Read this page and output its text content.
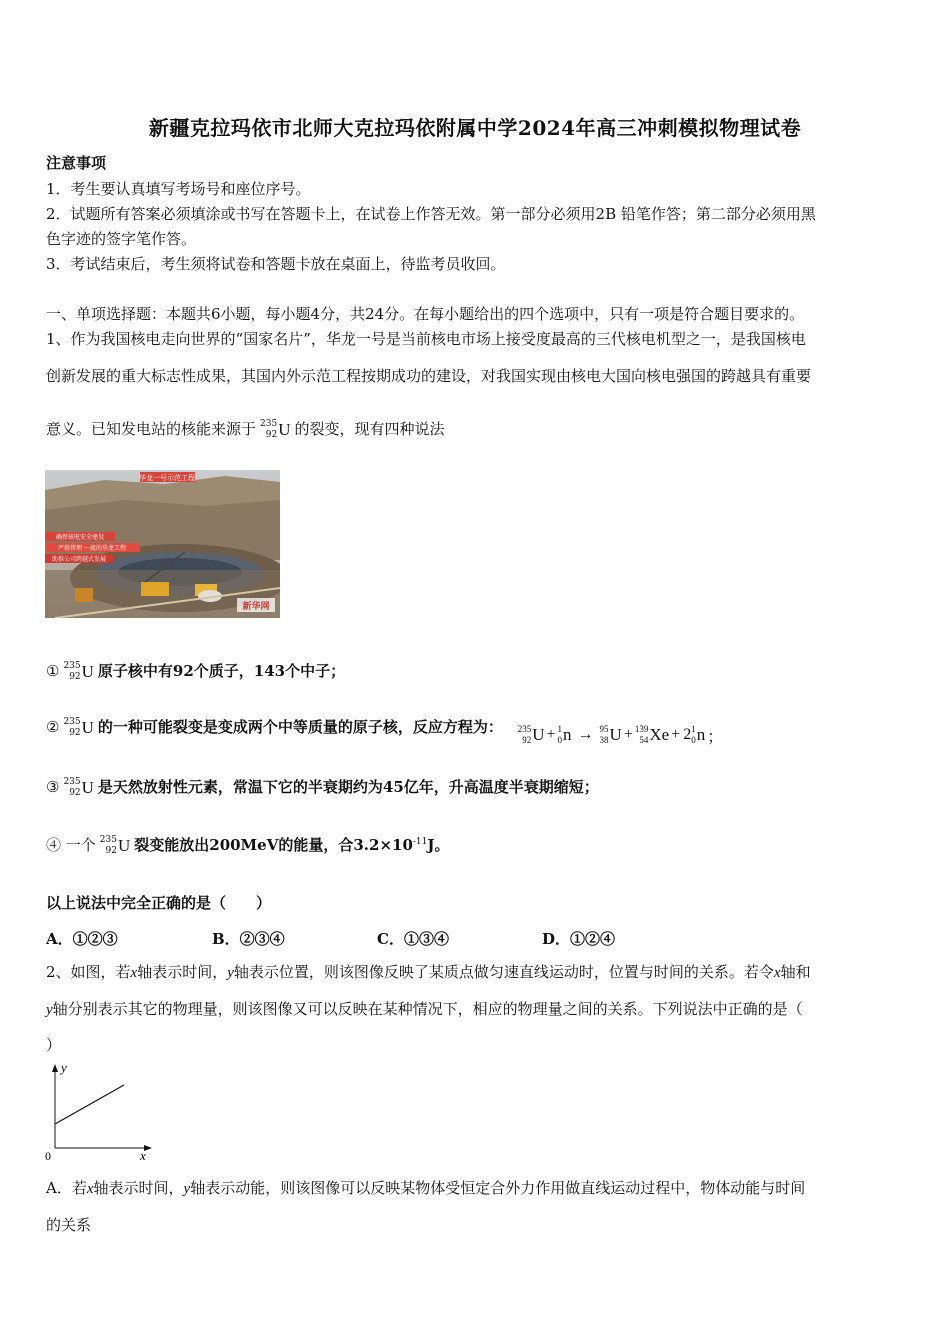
新疆克拉玛依市北师大克拉玛依附属中学2024年高三冲刺模拟物理试卷
注意事项
1．考生要认真填写考场号和座位序号。
2．试题所有答案必须填涂或书写在答题卡上，在试卷上作答无效。第一部分必须用2B 铅笔作答；第二部分必须用黑
色字迹的签字笔作答。
3．考试结束后，考生须将试卷和答题卡放在桌面上，待监考员收回。
一、单项选择题：本题共6小题，每小题4分，共24分。在每小题给出的四个选项中，只有一项是符合题目要求的。
1、作为我国核电走向世界的“国家名片”，华龙一号是当前核电市场上接受度最高的三代核电机型之一，是我国核电
创新发展的重大标志性成果，其国内外示范工程按期成功的建设，对我国实现由核电大国向核电强国的跨越具有重要
意义。已知发电站的核能来源于 235
92 U 的裂变，现有四种说法
华龙一号示范工程
确保核电安全建设
严格管理 一流的华龙工程
助推公司跨越式发展
新华网
① 235
92 U 原子核中有92个质子，143个中子；
② 235
92 U 的一种可能裂变是变成两个中等质量的原子核，反应方程为： 235
92 U + 1
0 n → 95
38 U + 139
54 Xe + 2 1
0 n ；
③ 235
92 U 是天然放射性元素，常温下它的半衰期约为45亿年，升高温度半衰期缩短；
④ 一个 235
92 U 裂变能放出200MeV的能量，合$3.2\times 10^{-11}J$。
以上说法中完全正确的是（　　）
A．①②③	B．②③④	C．①③④	D．①②④
2、如图，若x轴表示时间，y轴表示位置，则该图像反映了某质点做匀速直线运动时，位置与时间的关系。若令x轴和
y轴分别表示其它的物理量，则该图像又可以反映在某种情况下，相应的物理量之间的关系。下列说法中正确的是（
）
y
x
0
A．若x轴表示时间，y轴表示动能，则该图像可以反映某物体受恒定合外力作用做直线运动过程中，物体动能与时间
的关系
